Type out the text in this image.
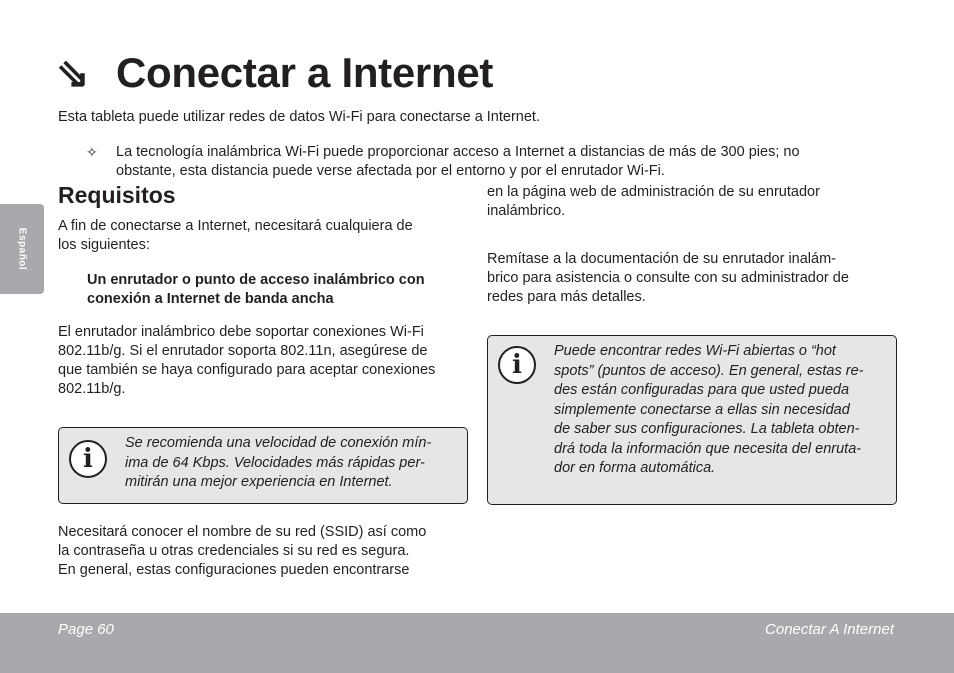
⇘ Conectar a Internet

Esta tableta puede utilizar redes de datos Wi-Fi para conectarse a Internet.

✧ La tecnología inalámbrica Wi-Fi puede proporcionar acceso a Internet a distancias de más de 300 pies; no

obstante, esta distancia puede verse afectada por el entorno y por el enrutador Wi-Fi.

Español
Requisitos

A fin de conectarse a Internet, necesitará cualquiera de

los siguientes:

Un enrutador o punto de acceso inalámbrico con

conexión a Internet de banda ancha

El enrutador inalámbrico debe soportar conexiones Wi-Fi

802.11b/g. Si el enrutador soporta 802.11n, asegúrese de

que también se haya configurado para aceptar conexiones

802.11b/g.

i

Se recomienda una velocidad de conexión mín-

ima de 64 Kbps. Velocidades más rápidas per-

mitirán una mejor experiencia en Internet.

Necesitará conocer el nombre de su red (SSID) así como

la contraseña u otras credenciales si su red es segura.

En general, estas configuraciones pueden encontrarse

en la página web de administración de su enrutador

inalámbrico.

Remítase a la documentación de su enrutador inalám-

brico para asistencia o consulte con su administrador de

redes para más detalles.

i	Puede encontrar redes Wi-Fi abiertas o “hot

spots” (puntos de acceso). En general, estas re-

des están configuradas para que usted pueda

simplemente conectarse a ellas sin necesidad

de saber sus configuraciones. La tableta obten-

drá toda la información que necesita del enruta-

dor en forma automática.

Page 60	Conectar A Internet
